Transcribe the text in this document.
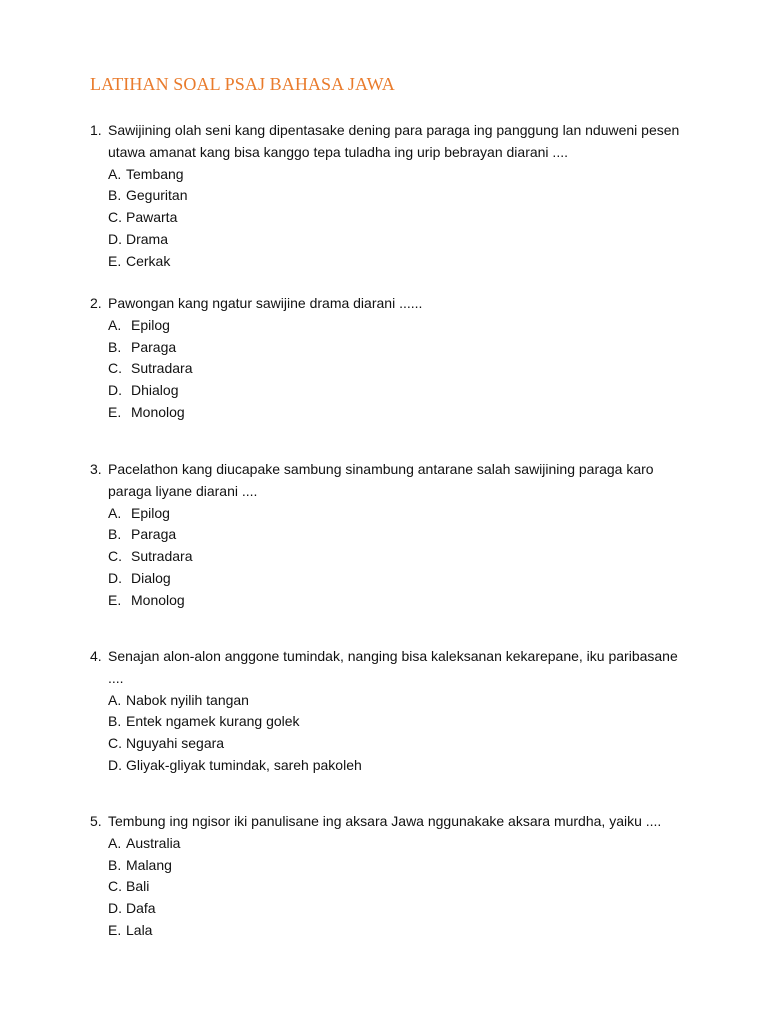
LATIHAN SOAL PSAJ BAHASA JAWA
1. Sawijining olah seni kang dipentasake dening para paraga ing panggung lan nduweni pesen utawa amanat kang bisa kanggo tepa tuladha ing urip bebrayan diarani ....
A. Tembang
B. Geguritan
C. Pawarta
D. Drama
E. Cerkak
2. Pawongan kang ngatur sawijine drama diarani ......
A. Epilog
B. Paraga
C. Sutradara
D. Dhialog
E. Monolog
3. Pacelathon kang diucapake sambung sinambung antarane salah sawijining paraga karo paraga liyane diarani ....
A. Epilog
B. Paraga
C. Sutradara
D. Dialog
E. Monolog
4. Senajan alon-alon anggone tumindak, nanging bisa kaleksanan kekarepane, iku paribasane ....
A. Nabok nyilih tangan
B. Entek ngamek kurang golek
C. Nguyahi segara
D. Gliyak-gliyak tumindak, sareh pakoleh
5. Tembung ing ngisor iki panulisane ing aksara Jawa nggunakake aksara murdha, yaiku ....
A. Australia
B. Malang
C. Bali
D. Dafa
E. Lala
